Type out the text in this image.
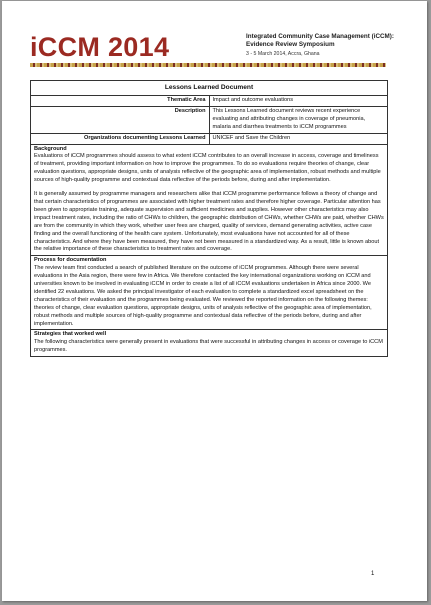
iCCM 2014	Integrated Community Case Management (iCCM):
Evidence Review Symposium
3 - 5 March 2014, Accra, Ghana
Lessons Learned Document	
Thematic Area	Impact and outcome evaluations
Description	This Lessons Learned document reviews recent experience evaluating and attributing changes in coverage of pneumonia, malaria and diarrhea treatments to iCCM programmes
Organizations documenting Lessons Learned	UNICEF and Save the Children

Background

Evaluations of iCCM programmes should assess to what extent iCCM contributes to an overall increase in access, coverage and timeliness of treatment, providing important information on how to improve the programmes. To do so evaluations require theories of change, clear evaluation questions, appropriate designs, units of analysis reflective of the geographic area of implementation, robust methods and multiple sources of high-quality programme and contextual data reflective of the periods before, during and after implementation.

It is generally assumed by programme managers and researchers alike that iCCM programme performance follows a theory of change and that certain characteristics of programmes are associated with higher treatment rates and therefore higher coverage. Particular attention has been given to appropriate training, adequate supervision and sufficient medicines and supplies. However other characteristics may also impact treatment rates, including the ratio of CHWs to children, the geographic distribution of CHWs, whether CHWs are paid, whether CHWs are from the community in which they work, whether user fees are charged, quality of services, demand generating activities, active case finding and the overall functioning of the health care system. Unfortunately, most evaluations have not accounted for all of these characteristics. And where they have been measured, they have not been measured in a standardized way. As a result, little is known about the relative importance of these characteristics to treatment rates and coverage.	

Process for documentation

The review team first conducted a search of published literature on the outcome of iCCM programmes. Although there were several evaluations in the Asia region, there were few in Africa. We therefore contacted the key international organizations working on iCCM and universities known to be involved in evaluating iCCM in order to create a list of all iCCM evaluations undertaken in Africa since 2000. We identified 22 evaluations. We asked the principal investigator of each evaluation to complete a standardized excel spreadsheet on the characteristics of their evaluation and the programmes being evaluated. We reviewed the reported information on the following themes: theories of change, clear evaluation questions, appropriate designs, units of analysis reflective of the geographic area of implementation, robust methods and multiple sources of high-quality programme and contextual data reflective of the periods before, during and after implementation.	

Strategies that worked well

The following characteristics were generally present in evaluations that were successful in attributing changes in access or coverage to iCCM programmes.	

1
